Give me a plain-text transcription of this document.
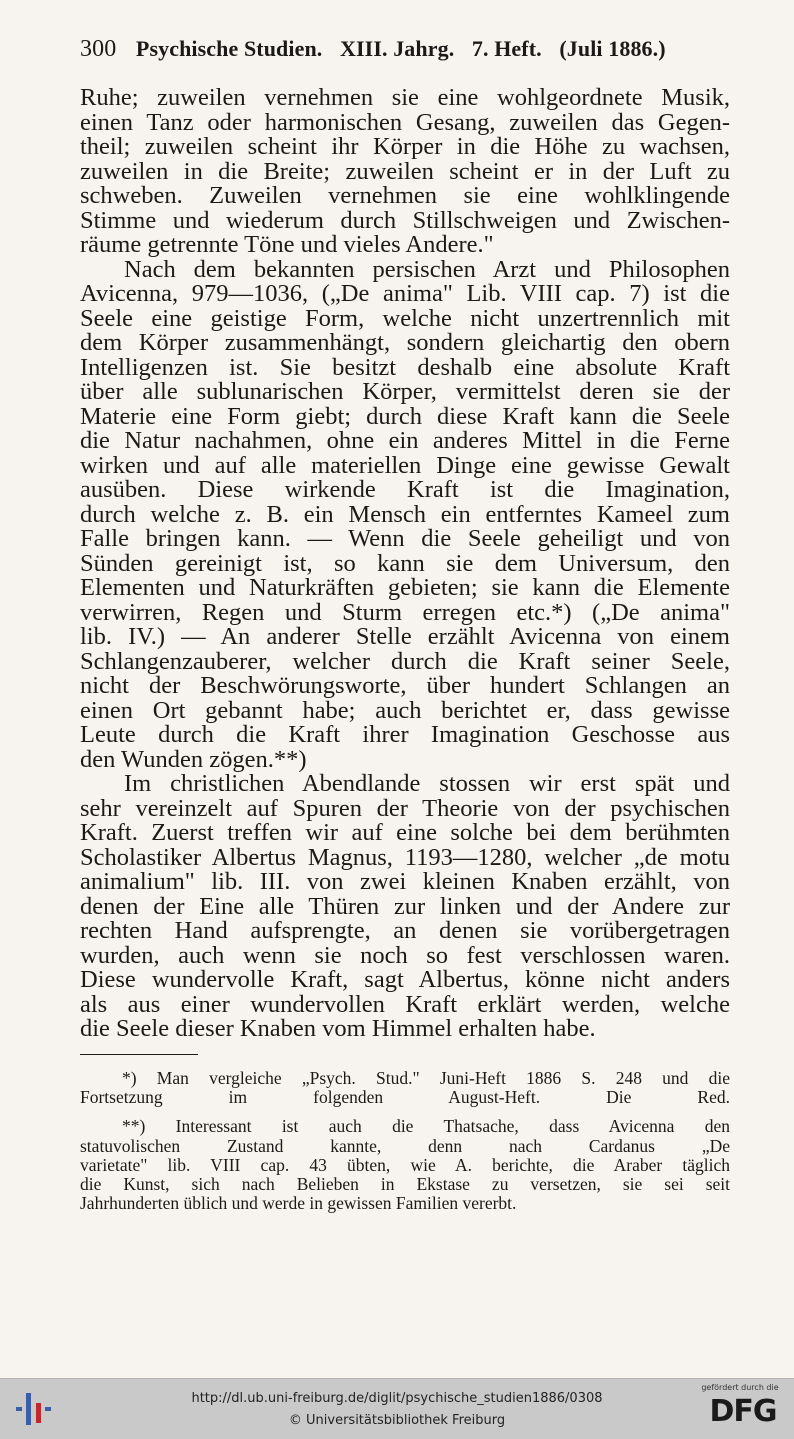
300 Psychische Studien. XIII. Jahrg. 7. Heft. (Juli 1886.)
Ruhe; zuweilen vernehmen sie eine wohlgeordnete Musik,
einen Tanz oder harmonischen Gesang, zuweilen das Gegen-
theil; zuweilen scheint ihr Körper in die Höhe zu wachsen,
zuweilen in die Breite; zuweilen scheint er in der Luft zu
schweben. Zuweilen vernehmen sie eine wohlklingende
Stimme und wiederum durch Stillschweigen und Zwischen-
räume getrennte Töne und vieles Andere."
Nach dem bekannten persischen Arzt und Philosophen
Avicenna, 979—1036, („De anima" Lib. VIII cap. 7) ist die
Seele eine geistige Form, welche nicht unzertrennlich mit
dem Körper zusammenhängt, sondern gleichartig den obern
Intelligenzen ist. Sie besitzt deshalb eine absolute Kraft
über alle sublunarischen Körper, vermittelst deren sie der
Materie eine Form giebt; durch diese Kraft kann die Seele
die Natur nachahmen, ohne ein anderes Mittel in die Ferne
wirken und auf alle materiellen Dinge eine gewisse Gewalt
ausüben. Diese wirkende Kraft ist die Imagination,
durch welche z. B. ein Mensch ein entferntes Kameel zum
Falle bringen kann. — Wenn die Seele geheiligt und von
Sünden gereinigt ist, so kann sie dem Universum, den
Elementen und Naturkräften gebieten; sie kann die Elemente
verwirren, Regen und Sturm erregen etc.*) („De anima"
lib. IV.) — An anderer Stelle erzählt Avicenna von einem
Schlangenzauberer, welcher durch die Kraft seiner Seele,
nicht der Beschwörungsworte, über hundert Schlangen an
einen Ort gebannt habe; auch berichtet er, dass gewisse
Leute durch die Kraft ihrer Imagination Geschosse aus
den Wunden zögen.**)
Im christlichen Abendlande stossen wir erst spät und
sehr vereinzelt auf Spuren der Theorie von der psychischen
Kraft. Zuerst treffen wir auf eine solche bei dem berühmten
Scholastiker Albertus Magnus, 1193—1280, welcher „de motu
animalium" lib. III. von zwei kleinen Knaben erzählt, von
denen der Eine alle Thüren zur linken und der Andere zur
rechten Hand aufsprengte, an denen sie vorübergetragen
wurden, auch wenn sie noch so fest verschlossen waren.
Diese wundervolle Kraft, sagt Albertus, könne nicht anders
als aus einer wundervollen Kraft erklärt werden, welche
die Seele dieser Knaben vom Himmel erhalten habe.
*) Man vergleiche „Psych. Stud." Juni-Heft 1886 S. 248 und die
Fortsetzung im folgenden August-Heft. Die Red.
**) Interessant ist auch die Thatsache, dass Avicenna den
statuvolischen Zustand kannte, denn nach Cardanus „De
varietate" lib. VIII cap. 43 übten, wie A. berichte, die Araber täglich
die Kunst, sich nach Belieben in Ekstase zu versetzen, sie sei seit
Jahrhunderten üblich und werde in gewissen Familien vererbt.
http://dl.ub.uni-freiburg.de/diglit/psychische_studien1886/0308
© Universitätsbibliothek Freiburg
gefördert durch die
DFG
